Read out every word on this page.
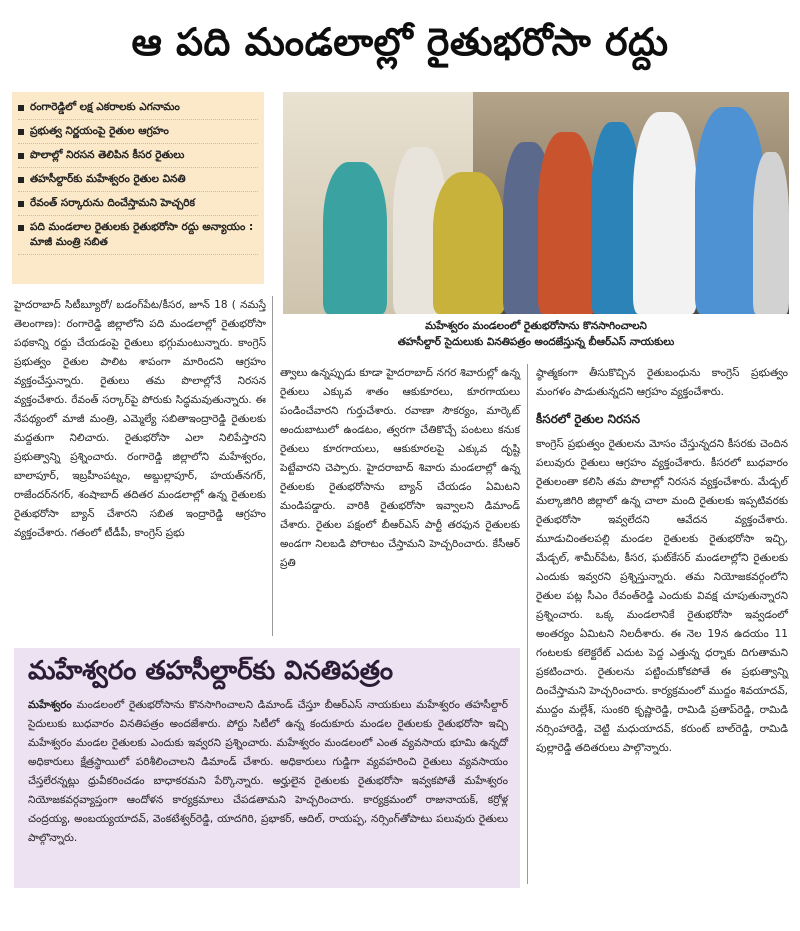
ఆ పది మండలాల్లో రైతుభరోసా రద్దు
రంగారెడ్డిలో లక్ష ఎకరాలకు ఎగనామం
ప్రభుత్వ నిర్ణయంపై రైతుల ఆగ్రహం
పొలాల్లో నిరసన తెలిపిన కీసర రైతులు
తహసీల్దార్‌కు మహేశ్వరం రైతుల వినతి
రేవంత్ సర్కారును దించేస్తామని హెచ్చరిక
పది మండలాల రైతులకు రైతుభరోసా రద్దు అన్యాయం : మాజీ మంత్రి సబిత
మహేశ్వరం మండలంలో రైతుభరోసాను కొనసాగించాలని
తహసీల్దార్ సైదులుకు వినతిపత్రం అందజేస్తున్న బీఆర్ఎస్ నాయకులు

హైదరాబాద్ సిటీబ్యూరో/ బడంగ్‌పేట/కీసర, జూన్ 18 ( నమస్తే తెలంగాణ): రంగారెడ్డి జిల్లాలోని పది మండలాల్లో రైతుభరోసా పథకాన్ని రద్దు చేయడంపై రైతులు భగ్గుమంటున్నారు. కాంగ్రెస్ ప్రభుత్వం రైతుల పాలిట శాపంగా మారిందని ఆగ్రహం వ్యక్తంచేస్తున్నారు. రైతులు తమ పొలాల్లోనే నిరసన వ్యక్తంచేశారు. రేవంత్ సర్కార్‌పై పోరుకు సిద్ధమవుతున్నారు. ఈ నేపథ్యంలో మాజీ మంత్రి, ఎమ్మెల్యే సబితాఇంద్రారెడ్డి రైతులకు మద్దతుగా నిలిచారు. రైతుభరోసా ఎలా నిలిపేస్తారని ప్రభుత్వాన్ని ప్రశ్నించారు. రంగారెడ్డి జిల్లాలోని మహేశ్వరం, బాలాపూర్, ఇబ్రహీంపట్నం, అబ్దుల్లాపూర్, హయత్‌నగర్, రాజేందర్‌నగర్, శంషాబాద్ తదితర మండలాల్లో ఉన్న రైతులకు రైతుభరోసా బ్యాన్ చేశారని సబిత ఇంద్రారెడ్డి ఆగ్రహం వ్యక్తంచేశారు. గతంలో టీడీపీ, కాంగ్రెస్ ప్రభు

త్వాలు ఉన్నప్పుడు కూడా హైదరాబాద్ నగర శివారుల్లో ఉన్న రైతులు ఎక్కువ శాతం ఆకుకూరలు, కూరగాయలు పండించేవారని గుర్తుచేశారు. రవాణా సౌకర్యం, మార్కెట్ అందుబాటులో ఉండటం, త్వరగా చేతికొచ్చే పంటలు కనుక రైతులు కూరగాయలు, ఆకుకూరలపై ఎక్కువ దృష్టి పెట్టేవారని చెప్పారు. హైదరాబాద్ శివారు మండలాల్లో ఉన్న రైతులకు రైతుభరోసాను బ్యాన్ చేయడం ఏమిటని మండిపడ్డారు. వారికి రైతుభరోసా ఇవ్వాలని డిమాండ్ చేశారు. రైతుల పక్షంలో బీఆర్ఎస్ పార్టీ తరఫున రైతులకు అండగా నిలబడి పోరాటం చేస్తామని హెచ్చరించారు. కేసీఆర్ ప్రతి

ష్ఠాత్మకంగా తీసుకొచ్చిన రైతుబంధును కాంగ్రెస్ ప్రభుత్వం మంగళం పాడుతున్నదని ఆగ్రహం వ్యక్తంచేశారు.

కీసరలో రైతుల నిరసన

కాంగ్రెస్ ప్రభుత్వం రైతులను మోసం చేస్తున్నదని కీసరకు చెందిన పలువురు రైతులు ఆగ్రహం వ్యక్తంచేశారు. కీసరలో బుధవారం రైతులంతా కలిసి తమ పొలాల్లో నిరసన వ్యక్తంచేశారు. మేడ్చల్ మల్కాజిగిరి జిల్లాలో ఉన్న చాలా మంది రైతులకు ఇప్పటివరకు రైతుభరోసా ఇవ్వలేదని ఆవేదన వ్యక్తంచేశారు. మూడుచింతలపల్లి మండల రైతులకు రైతుభరోసా ఇచ్చి, మేడ్చల్, శామీర్‌పేట, కీసర, ఘట్‌కేసర్ మండలాల్లోని రైతులకు ఎందుకు ఇవ్వరని ప్రశ్నిస్తున్నారు. తమ నియోజకవర్గంలోని రైతుల పట్ల సీఎం రేవంత్‌రెడ్డి ఎందుకు వివక్ష చూపుతున్నారని ప్రశ్నించారు. ఒక్క మండలానికే రైతుభరోసా ఇవ్వడంలో అంతర్యం ఏమిటని నిలదీశారు. ఈ నెల 19న ఉదయం 11 గంటలకు కలెక్టరేట్ ఎదుట పెద్ద ఎత్తున్న ధర్నాకు దిగుతామని ప్రకటించారు. రైతులను పట్టించుకోకపోతే ఈ ప్రభుత్వాన్ని దించేస్తామని హెచ్చరించారు. కార్యక్రమంలో ముద్దం శివయాదవ్, ముద్దం మల్లేశ్, సుంకరి కృష్ణారెడ్డి, రామిడి ప్రతాప్‌రెడ్డి, రామిడి నర్సింహారెడ్డి, చెట్టి మధుయాదవ్, కరుంట్ బాల్‌రెడ్డి, రామిడి పుల్లారెడ్డి తదితరులు పాల్గొన్నారు.

మహేశ్వరం తహసీల్దార్‌కు వినతిపత్రం
మహేశ్వరం మండలంలో రైతుభరోసాను కొనసాగించాలని డిమాండ్ చేస్తూ బీఆర్ఎస్ నాయకులు మహేశ్వరం తహసీల్దార్ సైదులుకు బుధవారం వినతిపత్రం అందజేశారు. పోర్టు సిటీలో ఉన్న కందుకూరు మండల రైతులకు రైతుభరోసా ఇచ్చి మహేశ్వరం మండల రైతులకు ఎందుకు ఇవ్వరని ప్రశ్నించారు. మహేశ్వరం మండలంలో ఎంత వ్యవసాయ భూమి ఉన్నదో అధికారులు క్షేత్రస్థాయిలో పరిశీలించాలని డిమాండ్ చేశారు. అధికారులు గుడ్డిగా వ్యవహరించి రైతులు వ్యవసాయం చేస్తలేరన్నట్లు ధ్రువీకరించడం బాధాకరమని పేర్కొన్నారు. అర్హులైన రైతులకు రైతుభరోసా ఇవ్వకపోతే మహేశ్వరం నియోజకవర్గవ్యాప్తంగా ఆందోళన కార్యక్రమాలు చేపడతామని హెచ్చరించారు. కార్యక్రమంలో రాజునాయక్, కర్రోళ్ల చంద్రయ్య, అంబయ్యయాదవ్, వెంకటేశ్వర్‌రెడ్డి, యాదగిరి, ప్రభాకర్, ఆదిల్, రాయప్ప, నర్సింగ్‌తోపాటు పలువురు రైతులు పాల్గొన్నారు.
